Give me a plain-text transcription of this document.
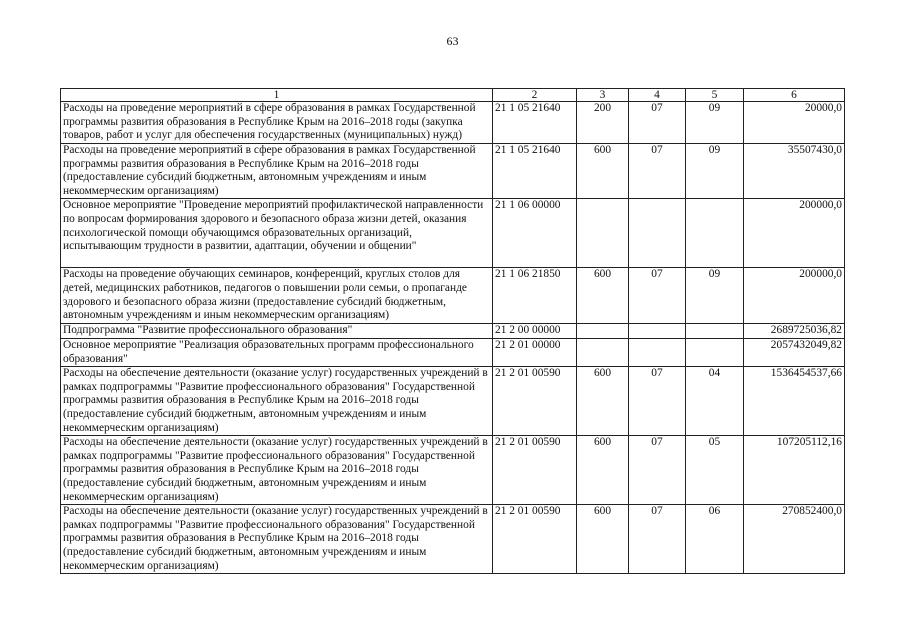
63
1	2	3	4	5	6
Расходы на проведение мероприятий в сфере образования в рамках Государственной программы развития образования в Республике Крым на 2016–2018 годы (закупка товаров, работ и услуг для обеспечения государственных (муниципальных) нужд)	21 1 05 21640	200	07	09	20000,0
Расходы на проведение мероприятий в сфере образования в рамках Государственной программы развития образования в Республике Крым на 2016–2018 годы (предоставление субсидий бюджетным, автономным учреждениям и иным некоммерческим организациям)	21 1 05 21640	600	07	09	35507430,0
Основное мероприятие "Проведение мероприятий профилактической направленности по вопросам формирования здорового и безопасного образа жизни детей, оказания психологической помощи обучающимся образовательных организаций, испытывающим трудности в развитии, адаптации, обучении и общении"	21 1 06 00000				200000,0
Расходы на проведение обучающих семинаров, конференций, круглых столов для детей, медицинских работников, педагогов о повышении роли семьи, о пропаганде здорового и безопасного образа жизни (предоставление субсидий бюджетным, автономным учреждениям и иным некоммерческим организациям)	21 1 06 21850	600	07	09	200000,0
Подпрограмма "Развитие профессионального образования"	21 2 00 00000				2689725036,82
Основное мероприятие "Реализация образовательных программ профессионального образования"	21 2 01 00000				2057432049,82
Расходы на обеспечение деятельности (оказание услуг) государственных учреждений в рамках подпрограммы "Развитие профессионального образования" Государственной программы развития образования в Республике Крым на 2016–2018 годы (предоставление субсидий бюджетным, автономным учреждениям и иным некоммерческим организациям)	21 2 01 00590	600	07	04	1536454537,66
Расходы на обеспечение деятельности (оказание услуг) государственных учреждений в рамках подпрограммы "Развитие профессионального образования" Государственной программы развития образования в Республике Крым на 2016–2018 годы (предоставление субсидий бюджетным, автономным учреждениям и иным некоммерческим организациям)	21 2 01 00590	600	07	05	107205112,16
Расходы на обеспечение деятельности (оказание услуг) государственных учреждений в рамках подпрограммы "Развитие профессионального образования" Государственной программы развития образования в Республике Крым на 2016–2018 годы (предоставление субсидий бюджетным, автономным учреждениям и иным некоммерческим организациям)	21 2 01 00590	600	07	06	270852400,0
